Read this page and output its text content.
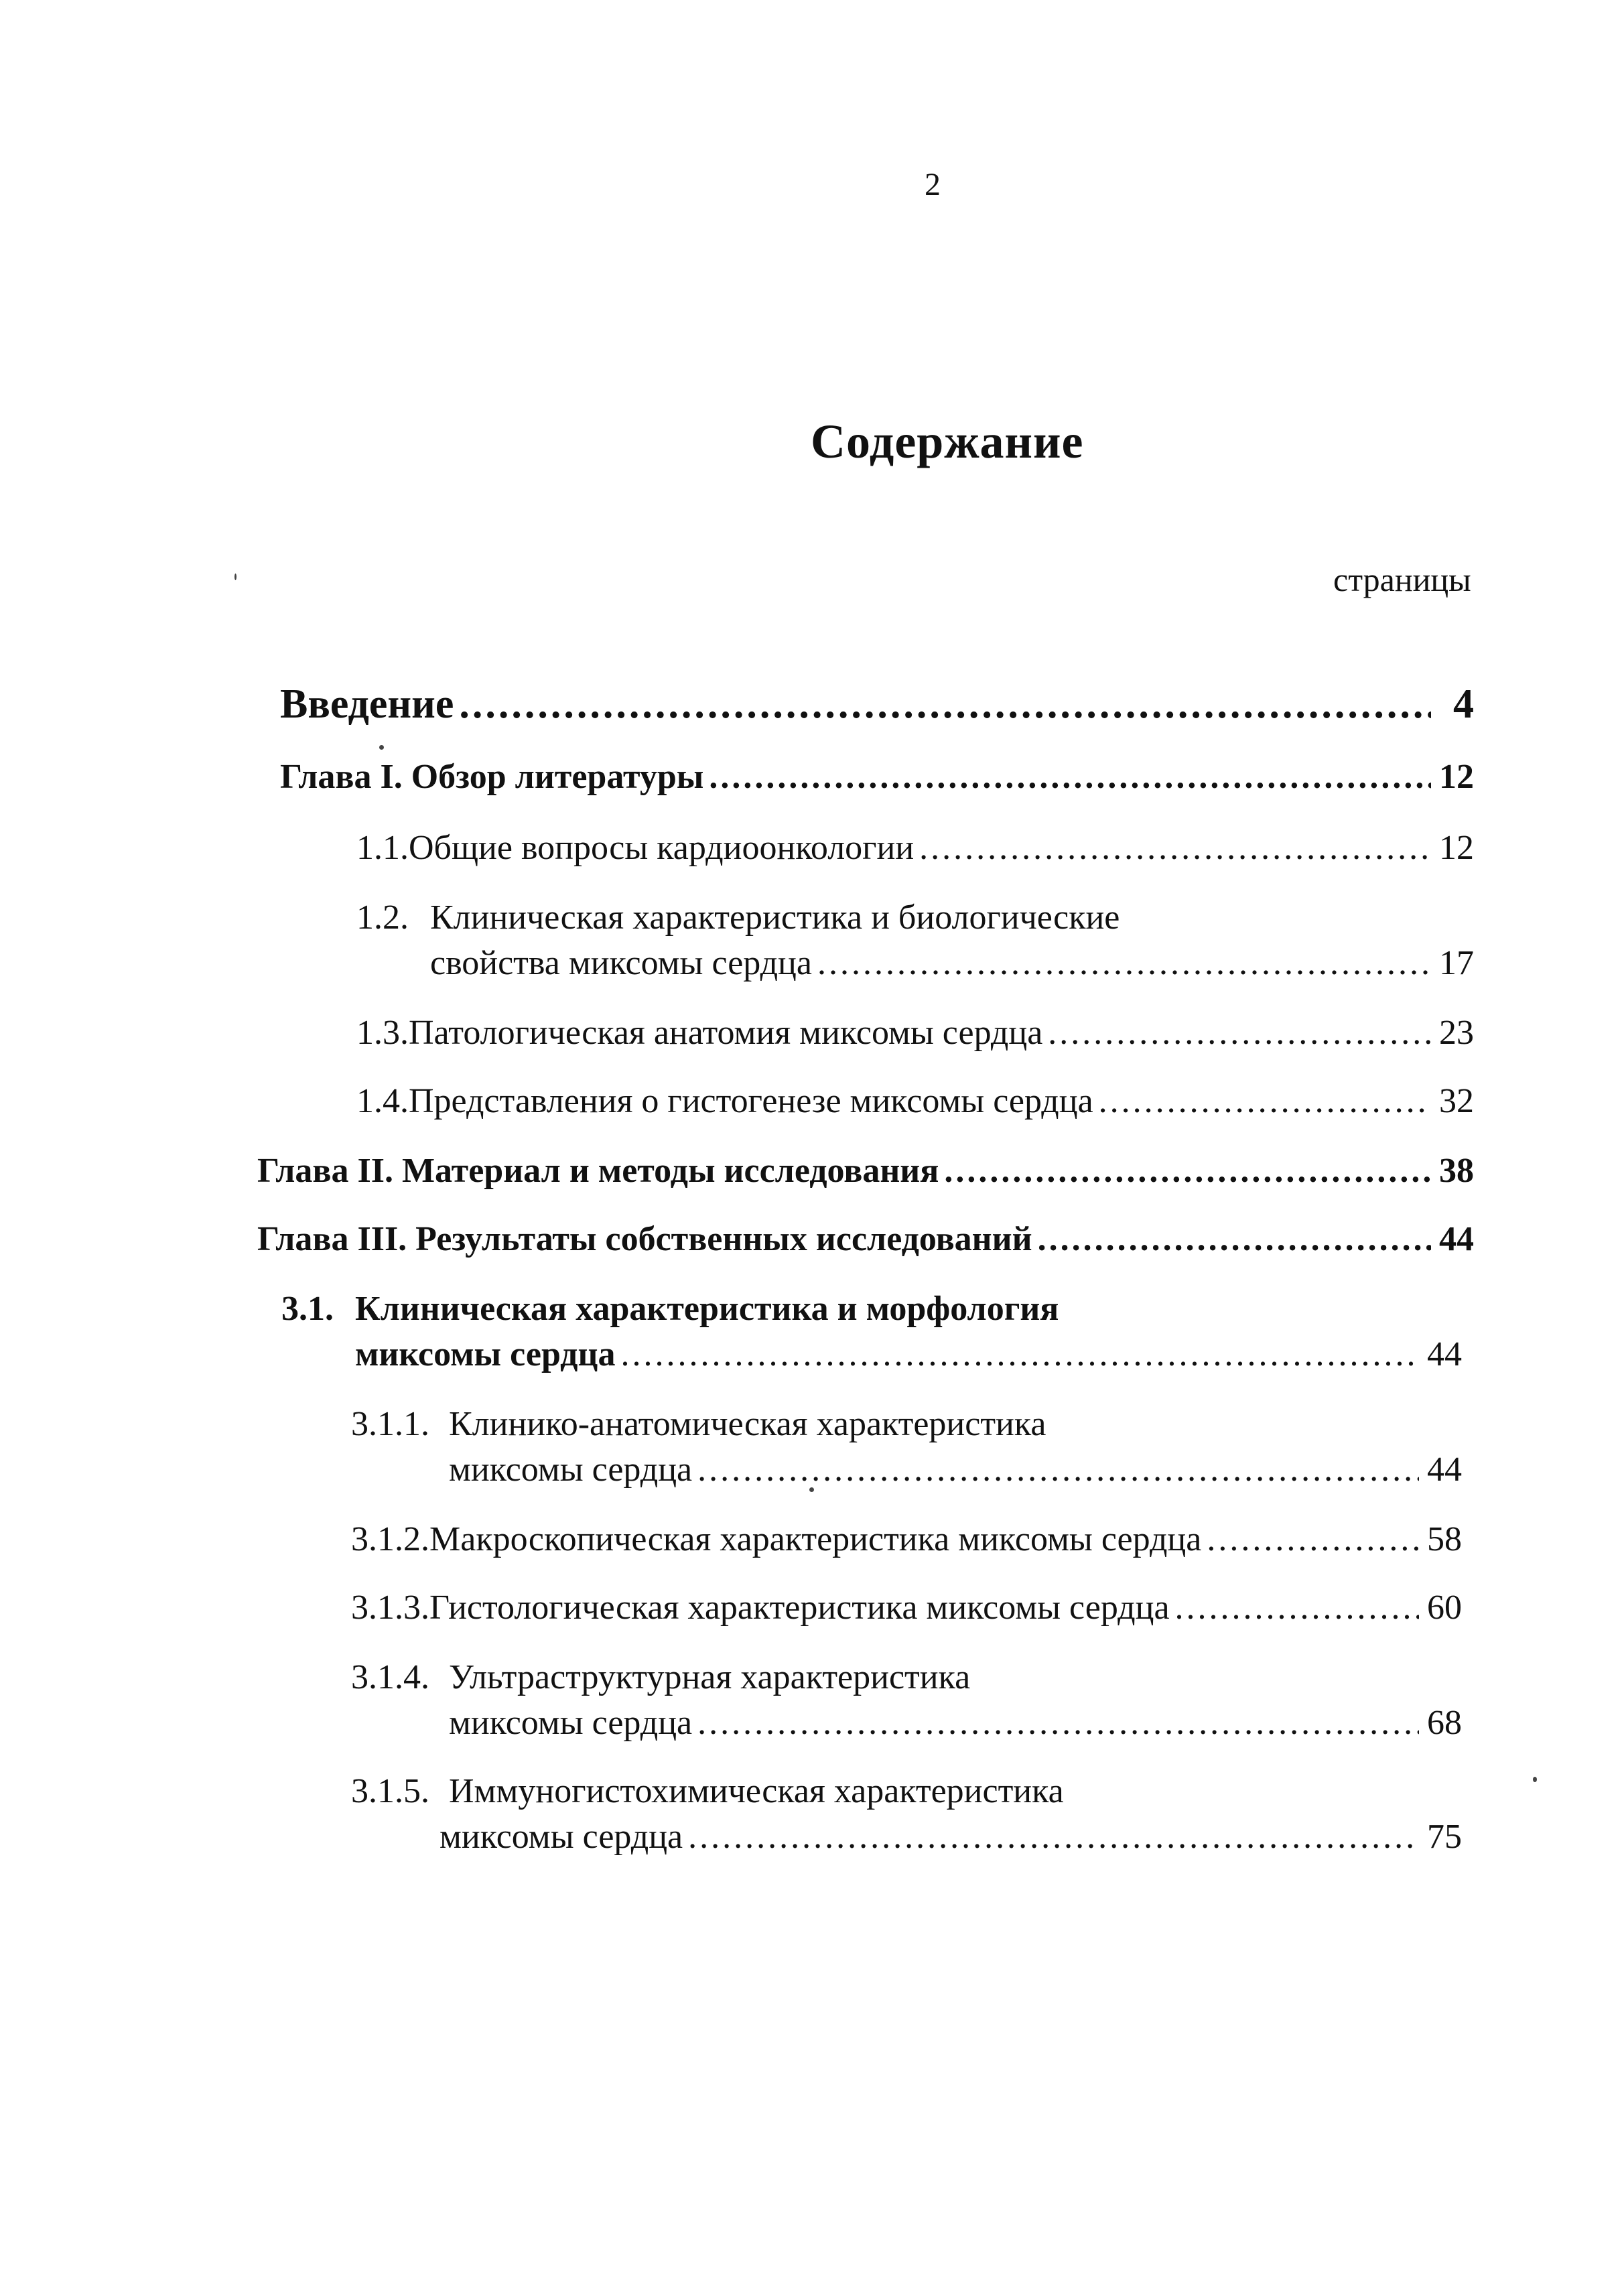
2
Содержание
страницы
Введение .....	4
Глава I. Обзор литературы .....	12
1.1. Общие вопросы кардиоонкологии .....	12
1.2. Клиническая характеристика и биологические
свойства миксомы сердца .....	17
1.3. Патологическая анатомия миксомы сердца .....	23
1.4. Представления о гистогенезе миксомы сердца .....	32
Глава II. Материал и методы исследования .....	38
Глава III. Результаты собственных исследований .....	44
3.1. Клиническая характеристика и морфология
миксомы сердца .....	44
3.1.1. Клинико-анатомическая характеристика
миксомы сердца .....	44
3.1.2. Макроскопическая характеристика миксомы сердца .....	58
3.1.3. Гистологическая характеристика миксомы сердца .....	60
3.1.4. Ультраструктурная характеристика
миксомы сердца .....	68
3.1.5. Иммуногистохимическая характеристика
миксомы сердца .....	75
